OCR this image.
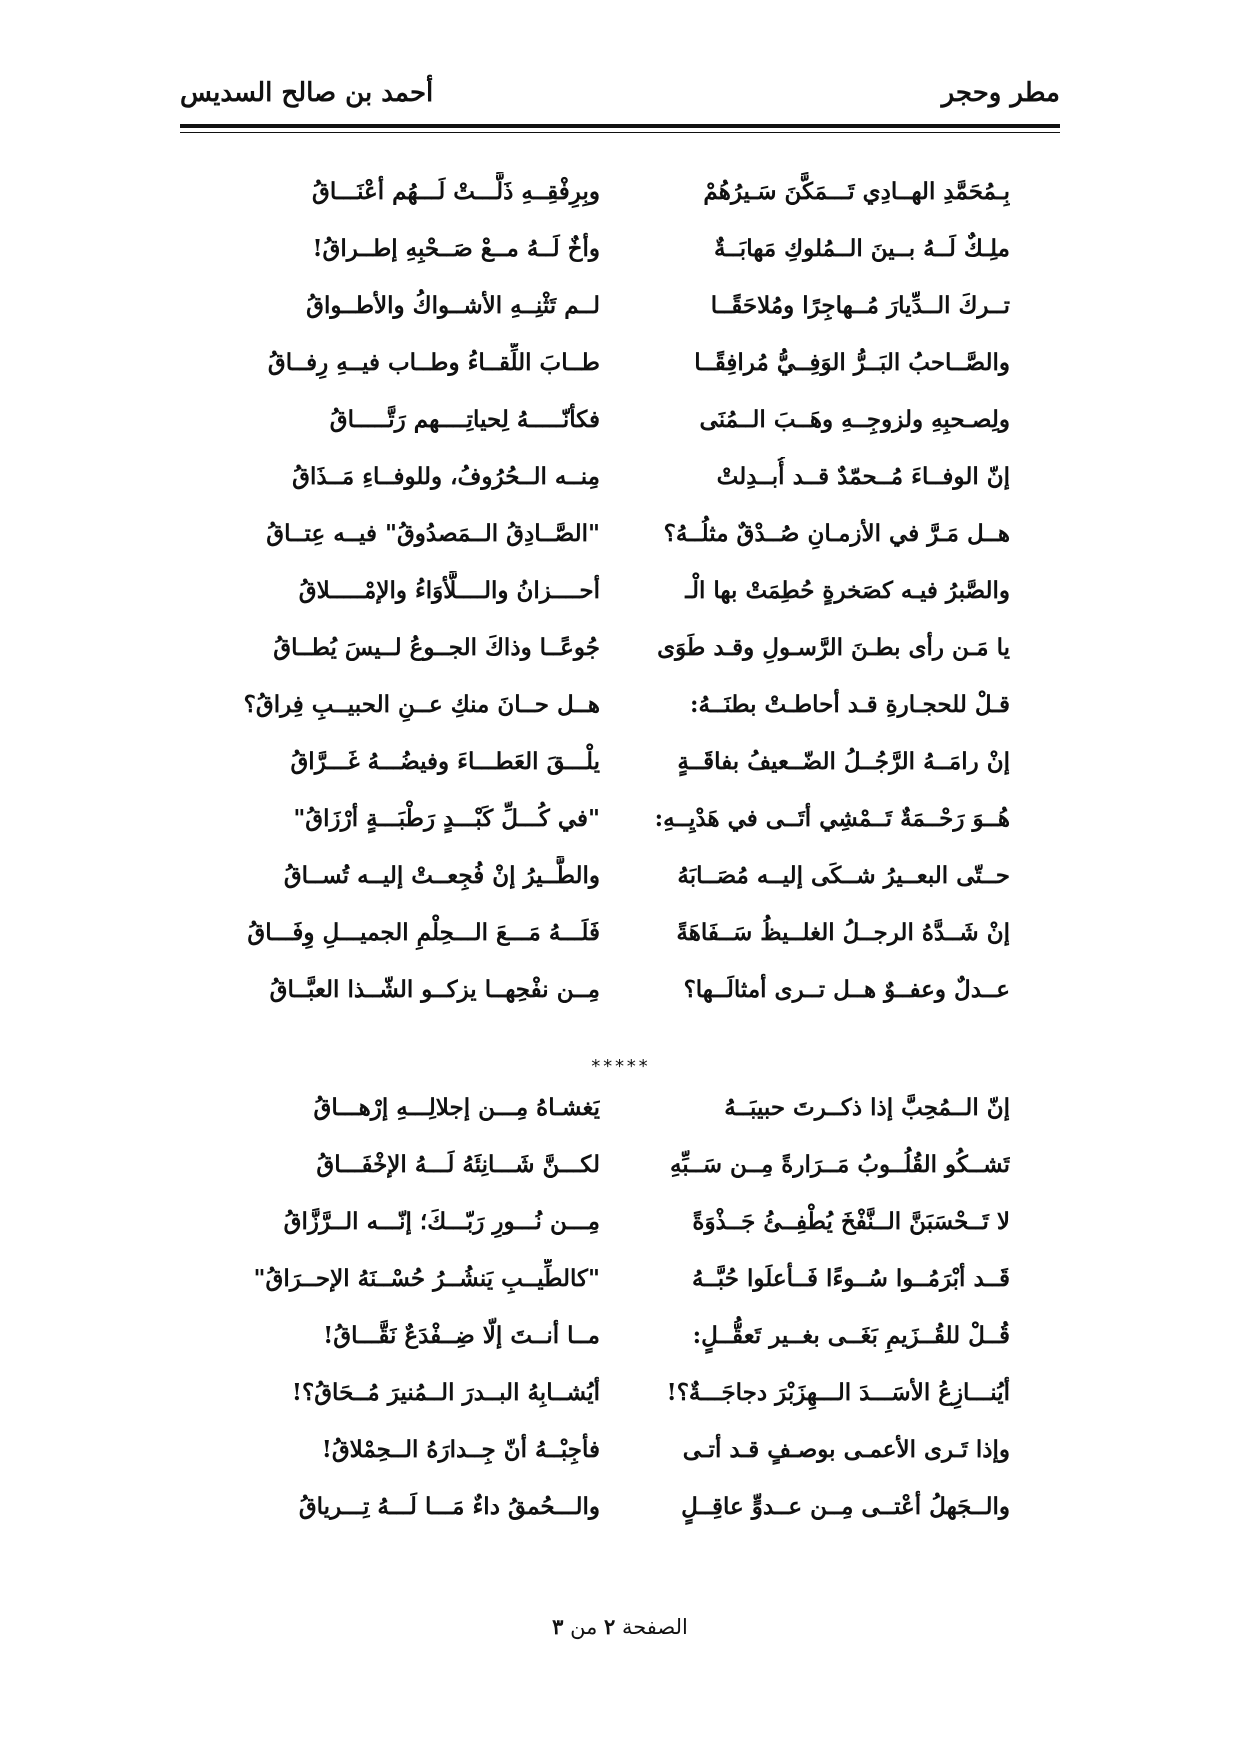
مطر وحجر
أحمد بن صالح السديس
بِـمُحَمَّدِ الهــادِي تَـــمَكَّنَ سَـيرُهُمْ
وبِرِفْقِــهِ ذَلَّـــتْ لَـــهُم أعْنَـــاقُ
ملِـكٌ لَــهُ بــينَ الــمُلوكِ مَهابَــةٌ
وأخٌ لَــهُ مــعْ صَــحْبِهِ إطــراقُ!
تــركَ الــدِّيارَ مُــهاجِرًا ومُلاحَقًــا
لــم تَثْنِــهِ الأشــواكُ والأطــواقُ
والصَّــاحبُ البَــرُّ الوَفِــيُّ مُرافِقًــا
طــابَ اللِّقــاءُ وطــاب فيــهِ رِفــاقُ
ولِصـحبِهِ ولزوجِــهِ وهَــبَ الــمُنَى
فكأنّـــــهُ لِحياتِــــهم رَتَّـــــاقُ
إنّ الوفــاءَ مُــحمّدٌ قــد أُبــدِلتْ
مِنــه الــحُرُوفُ، وللوفــاءِ مَــذَاقُ
هــل مَـرَّ في الأزمـانِ صُــدْقٌ مثلُــهُ؟
"الصَّــادِقُ الــمَصدُوقُ" فيــه عِتــاقُ
والصَّبرُ فيـه كصَخرةٍ حُطِمَتْ بها الْـ
أحــــزانُ والــــلَّأوَاءُ والإمْـــــلاقُ
يا مَـن رأى بطـنَ الرَّسـولِ وقـد طَوَى
جُوعًــا وذاكَ الجــوعُ لــيسَ يُطــاقُ
قـلْ للحجـارةِ قـد أحاطـتْ بطنَــهُ:
هــل حــانَ منكِ عــنِ الحبيــبِ فِراقُ؟
إنْ رامَــهُ الرَّجُــلُ الضّــعيفُ بفاقَــةٍ
يلْـــقَ العَطـــاءَ وفيضُـــهُ غَـــرَّاقُ
هُــوَ رَحْــمَةٌ تَــمْشِي أتَــى في هَدْيِــهِ:
"في كُـــلِّ كَبْـــدٍ رَطْبَـــةٍ أرْزَاقُ"
حــتّى البعــيرُ شــكَى إليــه مُصَــابَهُ
والطَّــيرُ إنْ فُجِعــتْ إليــه تُســاقُ
إنْ شَــدَّهُ الرجــلُ الغلــيظُ سَــفَاهَةً
فَلَـــهُ مَـــعَ الـــحِلْمِ الجميـــلِ وِفَـــاقُ
عــدلٌ وعفــوٌ هــل تــرى أمثالَــها؟
مِــن نفْحِهــا يزكــو الشّــذا العبَّــاقُ
*****
إنّ الــمُحِبَّ إذا ذكــرتَ حبيبَــهُ
يَغشـاهُ مِـــن إجلالِـــهِ إرْهـــاقُ
تَشــكُو القُلُــوبُ مَــرَارةً مِــن سَــبِّهِ
لكـــنَّ شَـــانِئَهُ لَـــهُ الإخْفَـــاقُ
لا تَــحْسَبَنَّ الــنَّفْخَ يُطْفِــئُ جَــذْوَةً
مِـــن نُـــورِ رَبّـــكَ؛ إنّـــه الــرَّزَّاقُ
قَــد أبْرَمُــوا سُــوءًا فَــأعلَوا حُبَّــهُ
"كالطِّيــبِ يَنشُــرُ حُسْــنَهُ الإحــرَاقُ"
قُــلْ للقُــزَيمِ بَغَــى بغــير تَعقُّــلٍ:
مــا أنــتَ إلّا ضِــفْدَعٌ نَقَّـــاقُ!
أيُنـــازِعُ الأسَـــدَ الـــهِزَبْرَ دجاجَـــةٌ؟!
أيُشــابِهُ البــدرَ الــمُنيرَ مُــحَاقُ؟!
وإذا تَـرى الأعمـى بوصـفٍ قـد أتـى
فأجِبْــهُ أنّ جِــدارَهُ الــحِمْلاقُ!
والــجَهلُ أعْتــى مِــن عــدوٍّ عاقِــلٍ
والـــحُمقُ داءٌ مَـــا لَـــهُ تِـــرياقُ
الصفحة ٢ من ٣
